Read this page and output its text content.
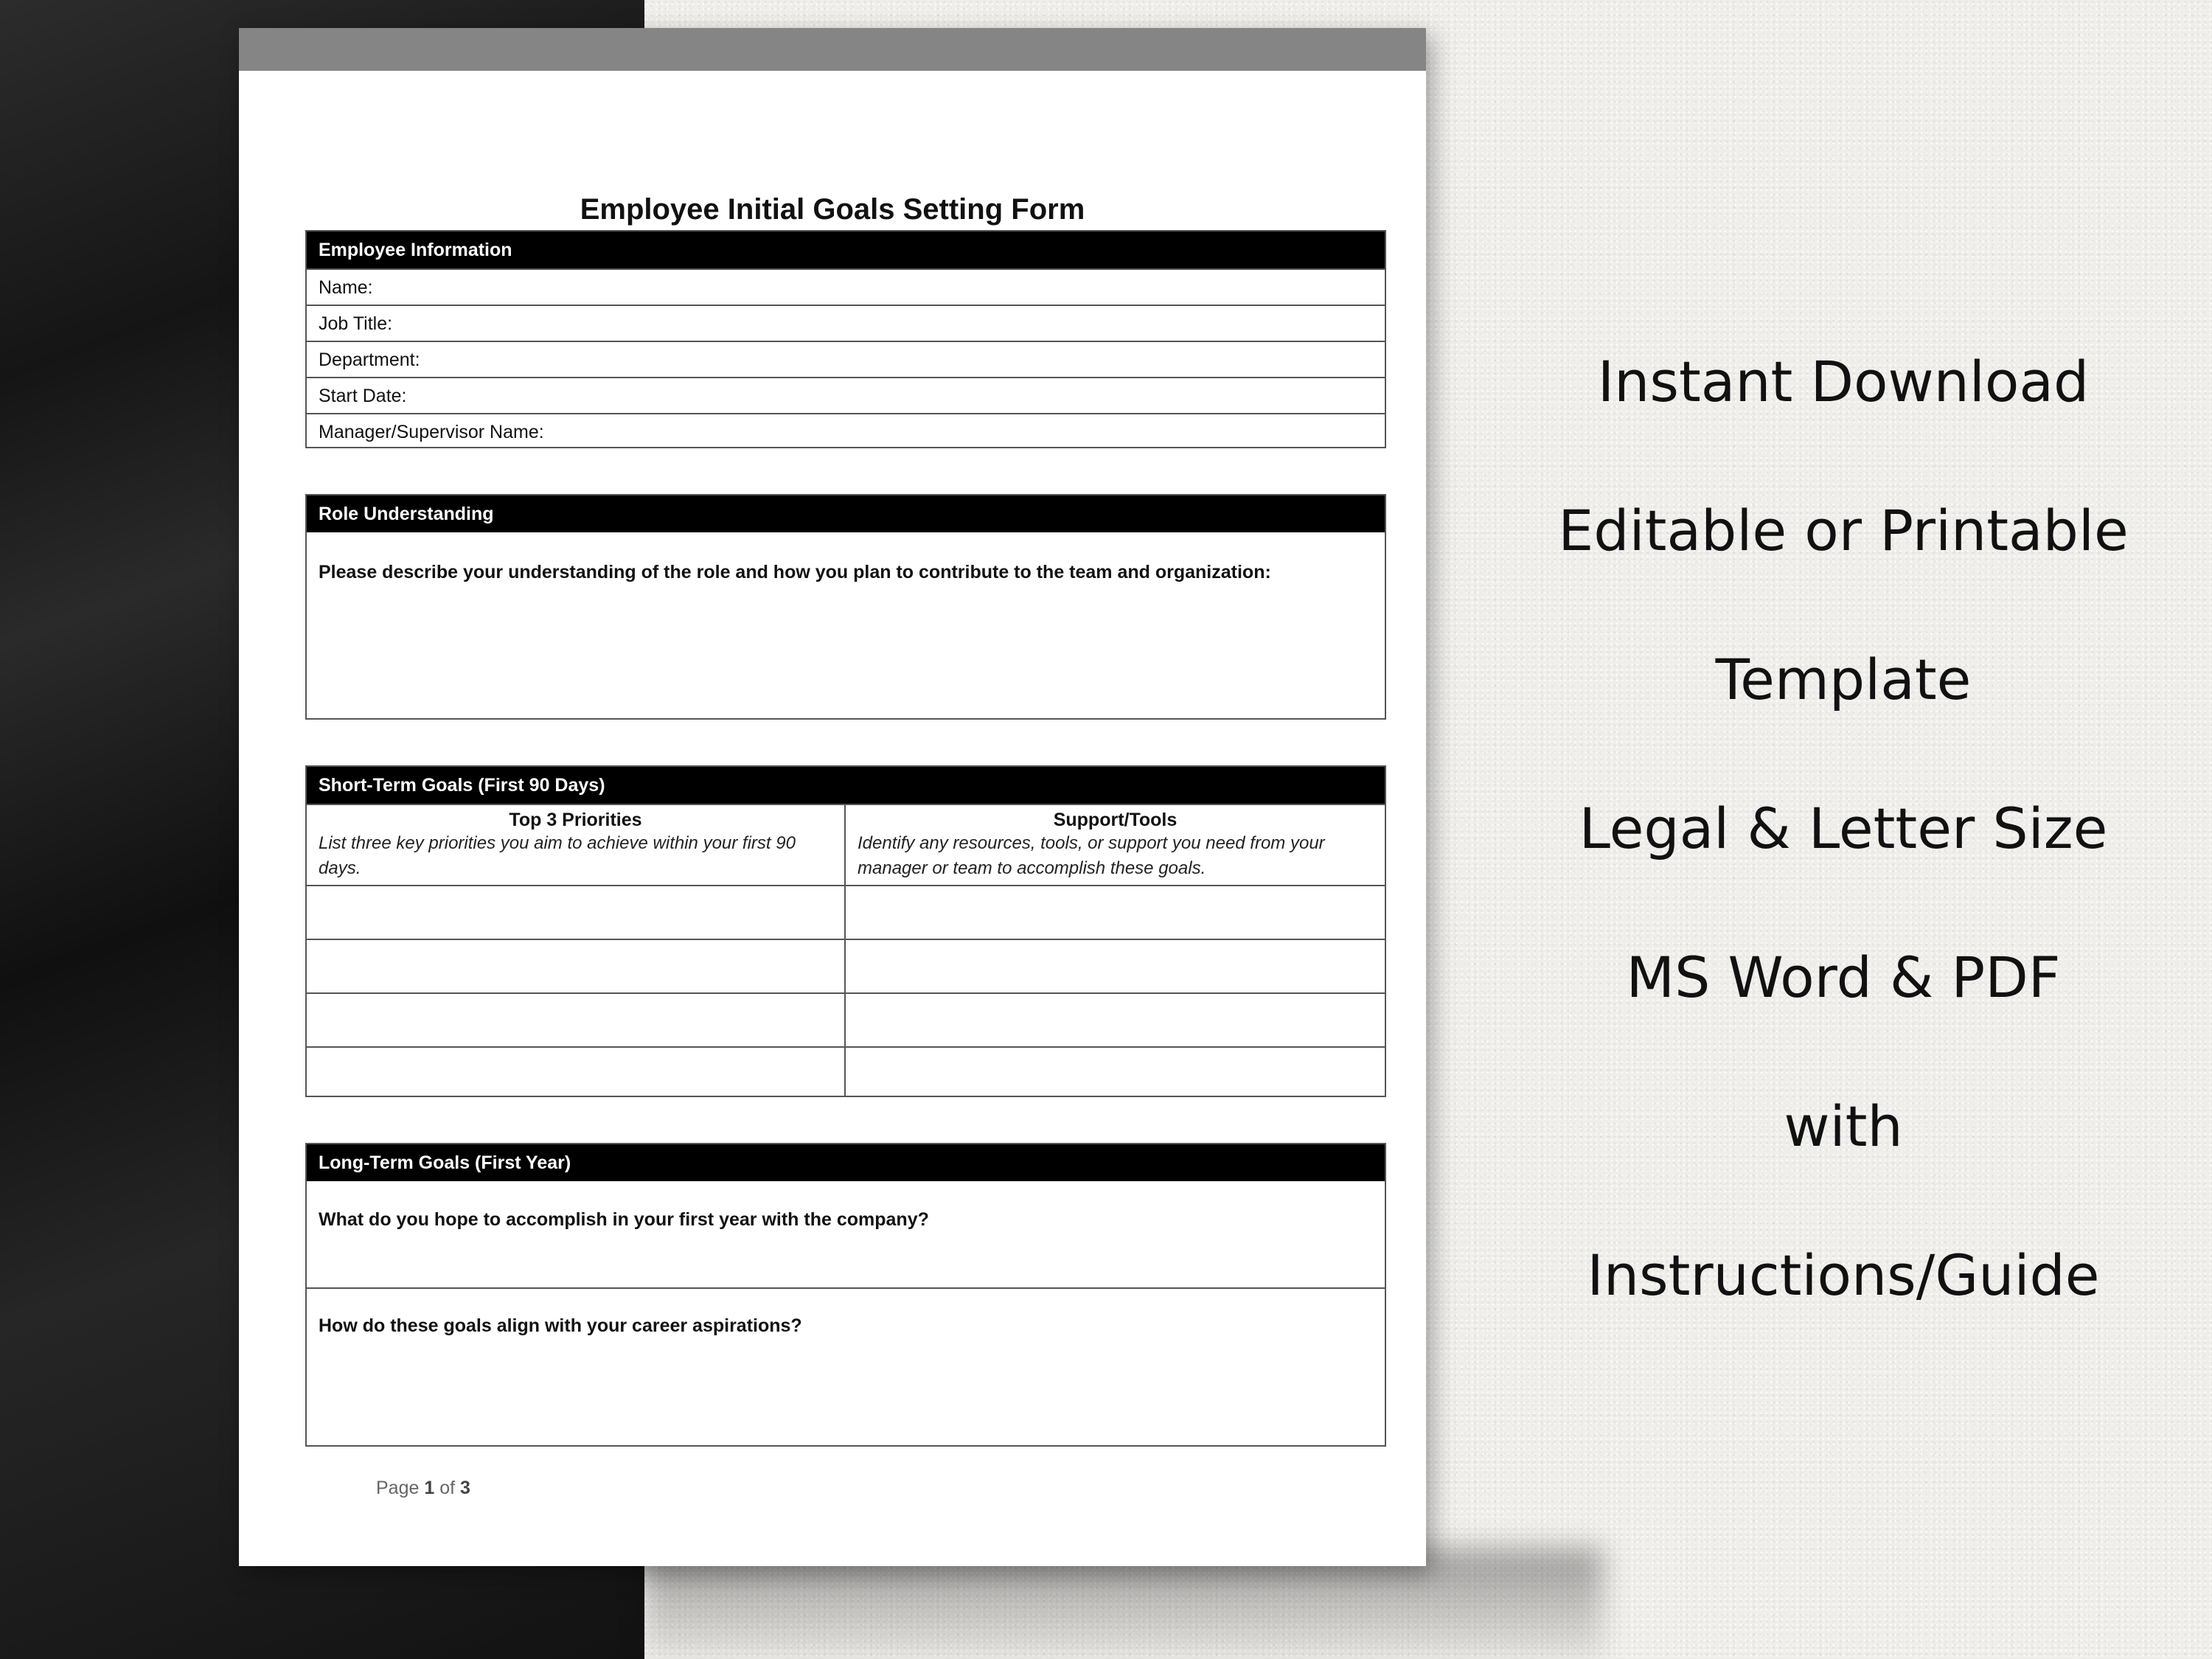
Employee Initial Goals Setting Form
Employee Information
Name:
Job Title:
Department:
Start Date:
Manager/Supervisor Name:
Role Understanding
Please describe your understanding of the role and how you plan to contribute to the team and organization:
Short-Term Goals (First 90 Days)
Top 3 Priorities
List three key priorities you aim to achieve within your first 90 days.
Support/Tools
Identify any resources, tools, or support you need from your manager or team to accomplish these goals.
Long-Term Goals (First Year)
What do you hope to accomplish in your first year with the company?
How do these goals align with your career aspirations?
Page 1 of 3
Instant Download
Editable or Printable
Template
Legal & Letter Size
MS Word & PDF
with
Instructions/Guide
